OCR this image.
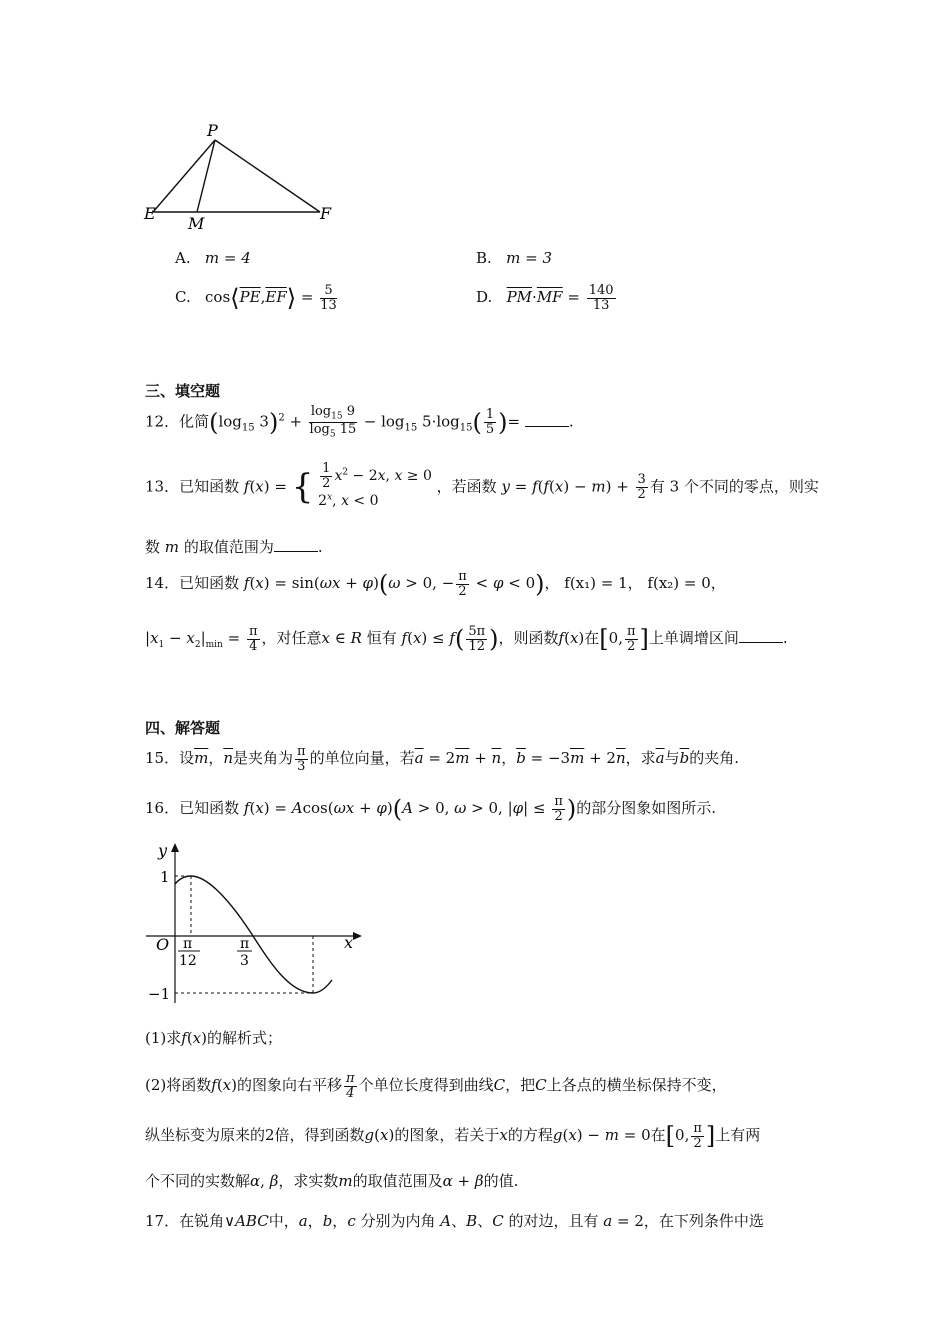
P
E
M
F
A. m = 4	B. m = 3
C. $\cos⟨\overline{PE},\overline{EF}⟩ = \frac{5}{13}$	D. $\overline{PM}\cdot\overline{MF} = \frac{140}{13}$
三、填空题
12．化简($\log_{15}$ $3)^2 + \frac{\log_{15} 9}{\log_5 15} - \log_{15} 5\cdot\log_{15}( \frac{1}{5}$ )=	.
13．已知函数 f(x) = { $\frac{1}{2} x^2 - 2x$, x ≥ 0
2$^x$, x < 0
，若函数 $y = f(f(x) - m) + \frac{3}{2}$ 有 3 个不同的零点，则实
数 m 的取值范围为	.
14．已知函数 f(x) = sin(ωx + φ)(ω > 0, − $\frac{\pi}{2} < \varphi < 0$)， f(x₁) = 1， f(x₂) = 0，
$|x_1 - x_2|_{min} = \frac{\pi}{4}$ ，对任意x ∈ R 恒有 $f(x) \le f( \frac{5\pi}{12}$ )，则函数f(x)在[0, $\frac{\pi}{2}$ ]上单调增区间	.
四、解答题
15．设$\overline{m}$，$\overline{n}$是夹角为 $\frac{\pi}{3}$ 的单位向量，若$\overline{a} = 2\overline{m} + \overline{n}$，$\overline{b} = -3\overline{m} + 2\overline{n}$，求$\overline{a}$与$\overline{b}$的夹角.
16．已知函数 f(x) = Acos(ωx + φ)(A > 0, ω > 0, $|\varphi| \le \frac{\pi}{2}$ )的部分图象如图所示.
y
x
O
1
−1
π
12
π
3
(1)求f(x)的解析式；
(2)将函数f(x)的图象向右平移 $\frac{\pi}{4}$ 个单位长度得到曲线C，把C上各点的横坐标保持不变，
纵坐标变为原来的2倍，得到函数g(x)的图象，若关于x的方程g(x) − m = 0在[0, $\frac{\pi}{2}$ ]上有两
个不同的实数解α, β，求实数m的取值范围及α + β的值.
17．在锐角∨ABC中，a，b，c 分别为内角 A、B、C 的对边，且有 a = 2，在下列条件中选
